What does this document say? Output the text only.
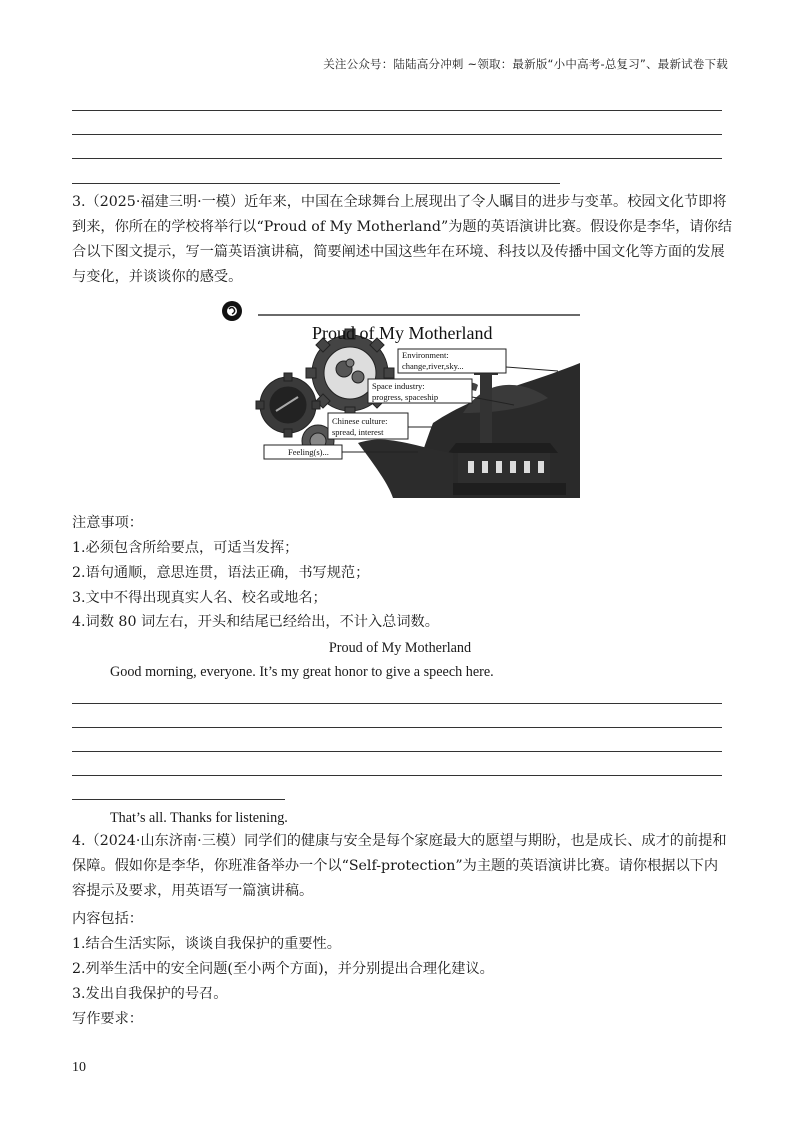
关注公众号：陆陆高分冲刺 ~领取：最新版“小中高考-总复习”、最新试卷下载
3.（2025·福建三明·一模）近年来，中国在全球舞台上展现出了令人瞩目的进步与变革。校园文化节即将到来，你所在的学校将举行以“Proud of My Motherland”为题的英语演讲比赛。假设你是李华，请你结合以下图文提示，写一篇英语演讲稿，简要阐述中国这些年在环境、科技以及传播中国文化等方面的发展与变化，并谈谈你的感受。
Proud of My Motherland
Environment:
change,river,sky...
Space industry:
progress, spaceship
Chinese culture:
spread, interest
Feeling(s)...
注意事项：
1.必须包含所给要点，可适当发挥；
2.语句通顺，意思连贯，语法正确，书写规范；
3.文中不得出现真实人名、校名或地名；
4.词数 80 词左右，开头和结尾已经给出，不计入总词数。
Proud of My Motherland
Good morning, everyone. It’s my great honor to give a speech here.
That’s all. Thanks for listening.
4.（2024·山东济南·三模）同学们的健康与安全是每个家庭最大的愿望与期盼，也是成长、成才的前提和保障。假如你是李华，你班准备举办一个以“Self-protection”为主题的英语演讲比赛。请你根据以下内容提示及要求，用英语写一篇演讲稿。
内容包括：
1.结合生活实际，谈谈自我保护的重要性。
2.列举生活中的安全问题(至小两个方面)，并分别提出合理化建议。
3.发出自我保护的号召。
写作要求：
10
